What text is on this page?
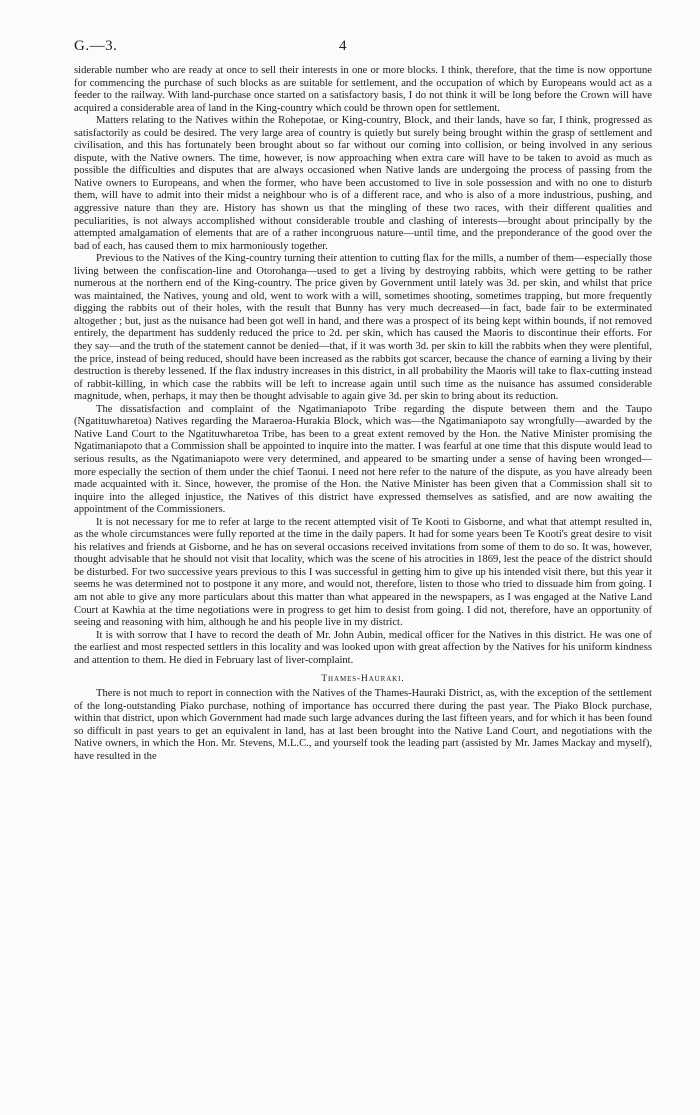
G.—3.	4

siderable number who are ready at once to sell their interests in one or more blocks. I think, therefore, that the time is now opportune for commencing the purchase of such blocks as are suitable for settlement, and the occupation of which by Europeans would act as a feeder to the railway. With land-purchase once started on a satisfactory basis, I do not think it will be long before the Crown will have acquired a considerable area of land in the King-country which could be thrown open for settlement.

Matters relating to the Natives within the Rohepotae, or King-country, Block, and their lands, have so far, I think, progressed as satisfactorily as could be desired. The very large area of country is quietly but surely being brought within the grasp of settlement and civilisation, and this has fortunately been brought about so far without our coming into collision, or being involved in any serious dispute, with the Native owners. The time, however, is now approaching when extra care will have to be taken to avoid as much as possible the difficulties and disputes that are always occasioned when Native lands are undergoing the process of passing from the Native owners to Europeans, and when the former, who have been accustomed to live in sole possession and with no one to disturb them, will have to admit into their midst a neighbour who is of a different race, and who is also of a more industrious, pushing, and aggressive nature than they are. History has shown us that the mingling of these two races, with their different qualities and peculiarities, is not always accomplished without considerable trouble and clashing of interests—brought about principally by the attempted amalgamation of elements that are of a rather incongruous nature—until time, and the preponderance of the good over the bad of each, has caused them to mix harmoniously together.

Previous to the Natives of the King-country turning their attention to cutting flax for the mills, a number of them—especially those living between the confiscation-line and Otorohanga—used to get a living by destroying rabbits, which were getting to be rather numerous at the northern end of the King-country. The price given by Government until lately was 3d. per skin, and whilst that price was maintained, the Natives, young and old, went to work with a will, sometimes shooting, sometimes trapping, but more frequently digging the rabbits out of their holes, with the result that Bunny has very much decreased—in fact, bade fair to be exterminated altogether ; but, just as the nuisance had been got well in hand, and there was a prospect of its being kept within bounds, if not removed entirely, the department has suddenly reduced the price to 2d. per skin, which has caused the Maoris to discontinue their efforts. For they say—and the truth of the statement cannot be denied—that, if it was worth 3d. per skin to kill the rabbits when they were plentiful, the price, instead of being reduced, should have been increased as the rabbits got scarcer, because the chance of earning a living by their destruction is thereby lessened. If the flax industry increases in this district, in all probability the Maoris will take to flax-cutting instead of rabbit-killing, in which case the rabbits will be left to increase again until such time as the nuisance has assumed considerable magnitude, when, perhaps, it may then be thought advisable to again give 3d. per skin to bring about its reduction.

The dissatisfaction and complaint of the Ngatimaniapoto Tribe regarding the dispute between them and the Taupo (Ngatituwharetoa) Natives regarding the Maraeroa-Hurakia Block, which was—the Ngatimaniapoto say wrongfully—awarded by the Native Land Court to the Ngatituwharetoa Tribe, has been to a great extent removed by the Hon. the Native Minister promising the Ngatimaniapoto that a Commission shall be appointed to inquire into the matter. I was fearful at one time that this dispute would lead to serious results, as the Ngatimaniapoto were very determined, and appeared to be smarting under a sense of having been wronged—more especially the section of them under the chief Taonui. I need not here refer to the nature of the dispute, as you have already been made acquainted with it. Since, however, the promise of the Hon. the Native Minister has been given that a Commission shall sit to inquire into the alleged injustice, the Natives of this district have expressed themselves as satisfied, and are now awaiting the appointment of the Commissioners.

It is not necessary for me to refer at large to the recent attempted visit of Te Kooti to Gisborne, and what that attempt resulted in, as the whole circumstances were fully reported at the time in the daily papers. It had for some years been Te Kooti's great desire to visit his relatives and friends at Gisborne, and he has on several occasions received invitations from some of them to do so. It was, however, thought advisable that he should not visit that locality, which was the scene of his atrocities in 1869, lest the peace of the district should be disturbed. For two successive years previous to this I was successful in getting him to give up his intended visit there, but this year it seems he was determined not to postpone it any more, and would not, therefore, listen to those who tried to dissuade him from going. I am not able to give any more particulars about this matter than what appeared in the newspapers, as I was engaged at the Native Land Court at Kawhia at the time negotiations were in progress to get him to desist from going. I did not, therefore, have an opportunity of seeing and reasoning with him, although he and his people live in my district.

It is with sorrow that I have to record the death of Mr. John Aubin, medical officer for the Natives in this district. He was one of the earliest and most respected settlers in this locality and was looked upon with great affection by the Natives for his uniform kindness and attention to them. He died in February last of liver-complaint.

Thames-Hauraki.

There is not much to report in connection with the Natives of the Thames-Hauraki District, as, with the exception of the settlement of the long-outstanding Piako purchase, nothing of importance has occurred there during the past year. The Piako Block purchase, within that district, upon which Government had made such large advances during the last fifteen years, and for which it has been found so difficult in past years to get an equivalent in land, has at last been brought into the Native Land Court, and negotiations with the Native owners, in which the Hon. Mr. Stevens, M.L.C., and yourself took the leading part (assisted by Mr. James Mackay and myself), have resulted in the
